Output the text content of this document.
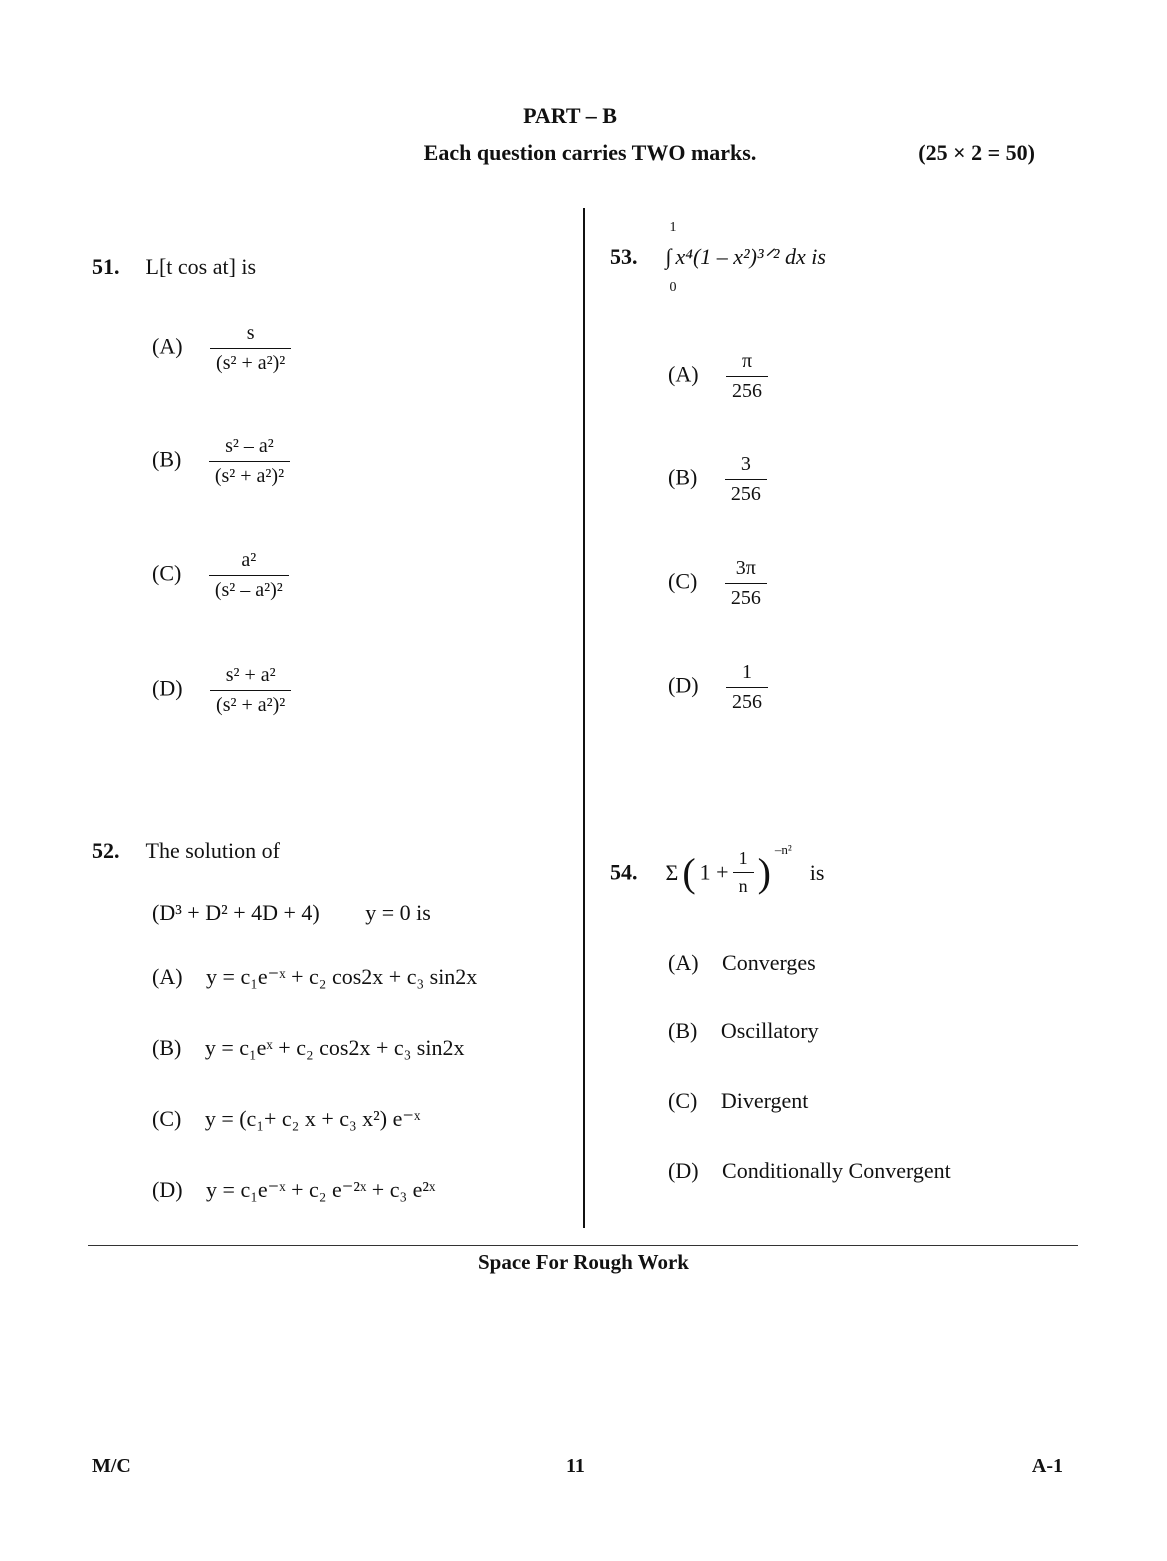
PART – B
Each question carries TWO marks.	(25 × 2 = 50)
51. L[t cos at] is
$(A) \frac{s}{\text{(s² + a²)²}}$
$(B) \frac{\text{s² – a²}}{\text{(s² + a²)²}}$
$(C) \frac{\text{a²}}{\text{(s² – a²)²}}$
$(D) \frac{\text{s² + a²}}{\text{(s² + a²)²}}$
52. The solution of
(D³ + D² + 4D + 4) y = 0 is
(A) y = c₁e⁻ˣ + c₂ cos2x + c₃ sin2x
(B) y = c₁eˣ + c₂ cos2x + c₃ sin2x
(C) y = (c₁+ c₂ x + c₃ x²) e⁻ˣ
(D) y = c₁e⁻ˣ + c₂ e⁻²ˣ + c₃ e²ˣ
53.
1
∫
0
x⁴(1 – x²)³ᐟ² dx is
$(A) \frac{\pi}{256}$
$(B) \frac{3}{256}$
$(C) \frac{3\pi}{256}$
$(D) \frac{1}{256}$
54. Σ ( $1 + \frac{1}{n}$ ) $^{-n^2}$ is
(A) Converges
(B) Oscillatory
(C) Divergent
(D) Conditionally Convergent
Space For Rough Work
M/C	11	A-1
